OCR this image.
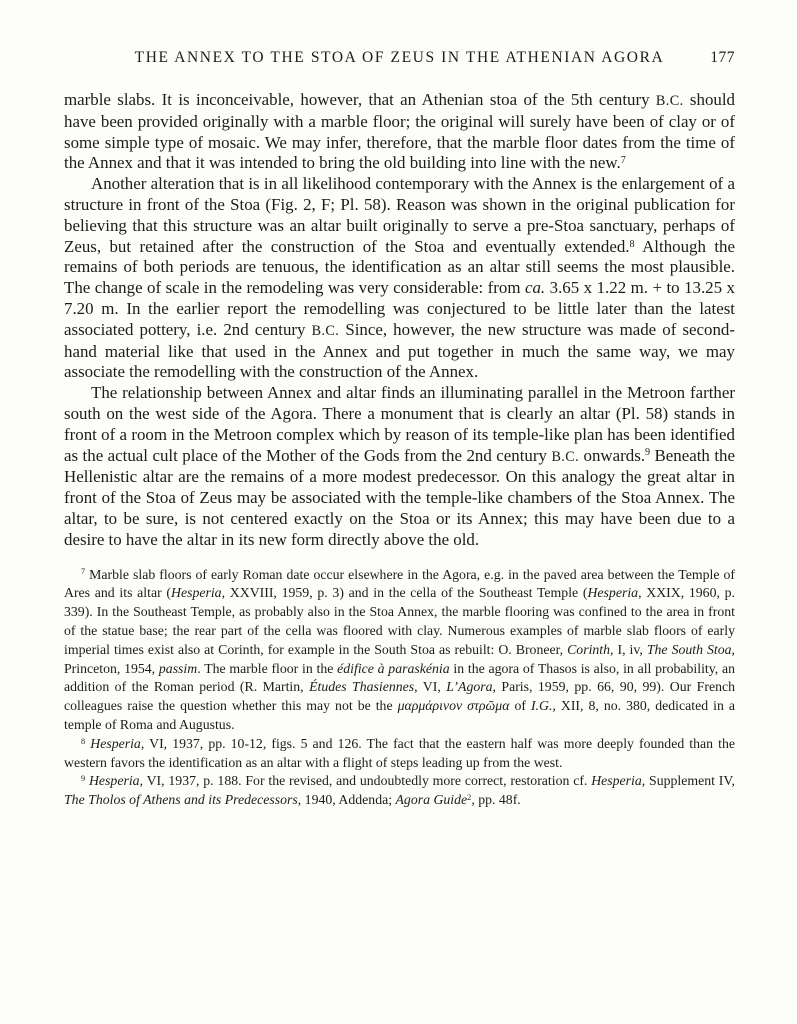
THE ANNEX TO THE STOA OF ZEUS IN THE ATHENIAN AGORA	177

marble slabs. It is inconceivable, however, that an Athenian stoa of the 5th century B.C. should have been provided originally with a marble floor; the original will surely have been of clay or of some simple type of mosaic. We may infer, therefore, that the marble floor dates from the time of the Annex and that it was intended to bring the old building into line with the new.$^7$

Another alteration that is in all likelihood contemporary with the Annex is the enlargement of a structure in front of the Stoa (Fig. 2, F; Pl. 58). Reason was shown in the original publication for believing that this structure was an altar built originally to serve a pre-Stoa sanctuary, perhaps of Zeus, but retained after the construction of the Stoa and eventually extended.$^8$ Although the remains of both periods are tenuous, the identification as an altar still seems the most plausible. The change of scale in the remodeling was very considerable: from ca. 3.65 x 1.22 m. + to 13.25 x 7.20 m. In the earlier report the remodelling was conjectured to be little later than the latest associated pottery, i.e. 2nd century B.C. Since, however, the new structure was made of second-hand material like that used in the Annex and put together in much the same way, we may associate the remodelling with the construction of the Annex.

The relationship between Annex and altar finds an illuminating parallel in the Metroon farther south on the west side of the Agora. There a monument that is clearly an altar (Pl. 58) stands in front of a room in the Metroon complex which by reason of its temple-like plan has been identified as the actual cult place of the Mother of the Gods from the 2nd century B.C. onwards.$^9$ Beneath the Hellenistic altar are the remains of a more modest predecessor. On this analogy the great altar in front of the Stoa of Zeus may be associated with the temple-like chambers of the Stoa Annex. The altar, to be sure, is not centered exactly on the Stoa or its Annex; this may have been due to a desire to have the altar in its new form directly above the old.

$^7$ Marble slab floors of early Roman date occur elsewhere in the Agora, e.g. in the paved area between the Temple of Ares and its altar (Hesperia, XXVIII, 1959, p. 3) and in the cella of the Southeast Temple (Hesperia, XXIX, 1960, p. 339). In the Southeast Temple, as probably also in the Stoa Annex, the marble flooring was confined to the area in front of the statue base; the rear part of the cella was floored with clay. Numerous examples of marble slab floors of early imperial times exist also at Corinth, for example in the South Stoa as rebuilt: O. Broneer, Corinth, I, iv, The South Stoa, Princeton, 1954, passim. The marble floor in the édifice à paraskénia in the agora of Thasos is also, in all probability, an addition of the Roman period (R. Martin, Études Thasiennes, VI, L’Agora, Paris, 1959, pp. 66, 90, 99). Our French colleagues raise the question whether this may not be the μαρμάρινον στρῶμα of I.G., XII, 8, no. 380, dedicated in a temple of Roma and Augustus.

$^8$ Hesperia, VI, 1937, pp. 10-12, figs. 5 and 126. The fact that the eastern half was more deeply founded than the western favors the identification as an altar with a flight of steps leading up from the west.

$^9$ Hesperia, VI, 1937, p. 188. For the revised, and undoubtedly more correct, restoration cf. Hesperia, Supplement IV, The Tholos of Athens and its Predecessors, 1940, Addenda; Agora Guide$^2$, pp. 48f.
